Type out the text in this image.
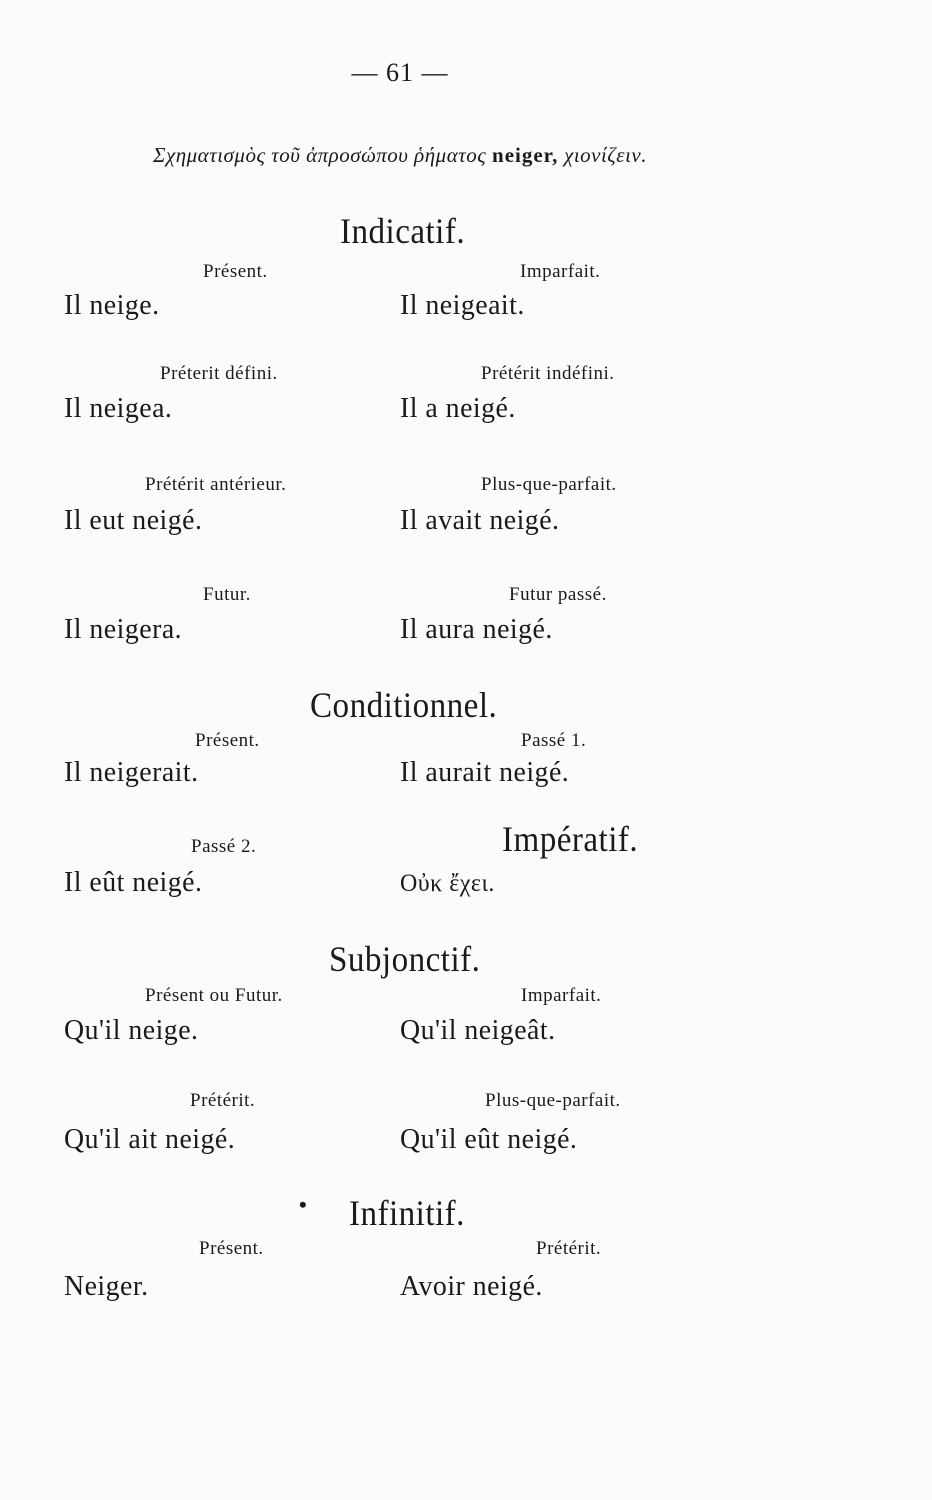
— 61 —
Σχηματισμὸς τοῦ ἀπροσώπου ῥήματος neiger, χιονίζειν.
Indicatif.
Présent.	Imparfait.
Il neige.	Il neigeait.
Préterit défini.	Prétérit indéfini.
Il neigea.	Il a neigé.
Prétérit antérieur.	Plus-que-parfait.
Il eut neigé.	Il avait neigé.
Futur.	Futur passé.
Il neigera.	Il aura neigé.
Conditionnel.
Présent.	Passé 1.
Il neigerait.	Il aurait neigé.
Passé 2.	Impératif.
Il eût neigé.	Οὐκ ἔχει.
Subjonctif.
Présent ou Futur.	Imparfait.
Qu'il neige.	Qu'il neigeât.
Prétérit.	Plus-que-parfait.
Qu'il ait neigé.	Qu'il eût neigé.
• Infinitif.
Présent.	Prétérit.
Neiger.	Avoir neigé.
